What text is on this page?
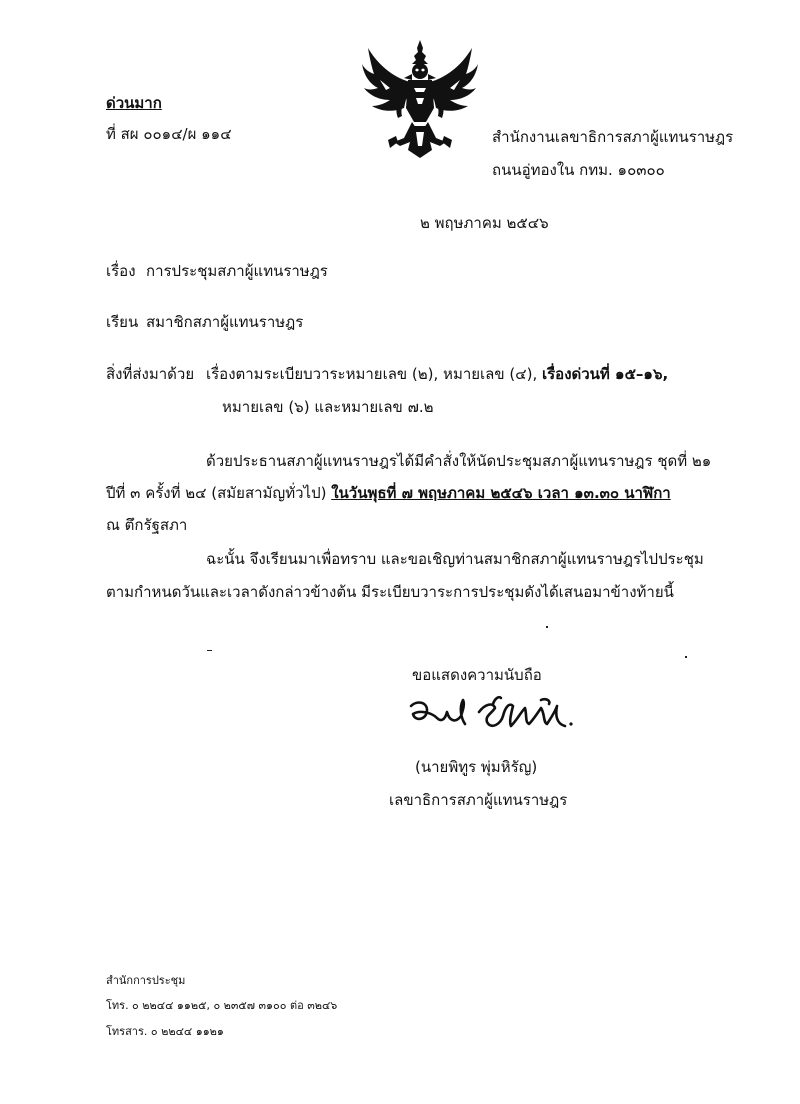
ด่วนมาก
ที่ สผ ๐๐๑๔/ผ ๑๑๔	สำนักงานเลขาธิการสภาผู้แทนราษฎร
ถนนอู่ทองใน กทม. ๑๐๓๐๐
๒ พฤษภาคม ๒๕๔๖
เรื่อง การประชุมสภาผู้แทนราษฎร
เรียน สมาชิกสภาผู้แทนราษฎร
สิ่งที่ส่งมาด้วย เรื่องตามระเบียบวาระหมายเลข (๒), หมายเลข (๔), เรื่องด่วนที่ ๑๕–๑๖,
หมายเลข (๖) และหมายเลข ๗.๒
ด้วยประธานสภาผู้แทนราษฎรได้มีคำสั่งให้นัดประชุมสภาผู้แทนราษฎร ชุดที่ ๒๑
ปีที่ ๓ ครั้งที่ ๒๔ (สมัยสามัญทั่วไป) ในวันพุธที่ ๗ พฤษภาคม ๒๕๔๖ เวลา ๑๓.๓๐ นาฬิกา
ณ ตึกรัฐสภา
ฉะนั้น จึงเรียนมาเพื่อทราบ และขอเชิญท่านสมาชิกสภาผู้แทนราษฎรไปประชุม
ตามกำหนดวันและเวลาดังกล่าวข้างต้น มีระเบียบวาระการประชุมดังได้เสนอมาข้างท้ายนี้
ขอแสดงความนับถือ
(นายพิทูร พุ่มหิรัญ)
เลขาธิการสภาผู้แทนราษฎร
สำนักการประชุม
โทร. ๐ ๒๒๔๔ ๑๑๒๕, ๐ ๒๓๕๗ ๓๑๐๐ ต่อ ๓๒๔๖
โทรสาร. ๐ ๒๒๔๔ ๑๑๒๑
